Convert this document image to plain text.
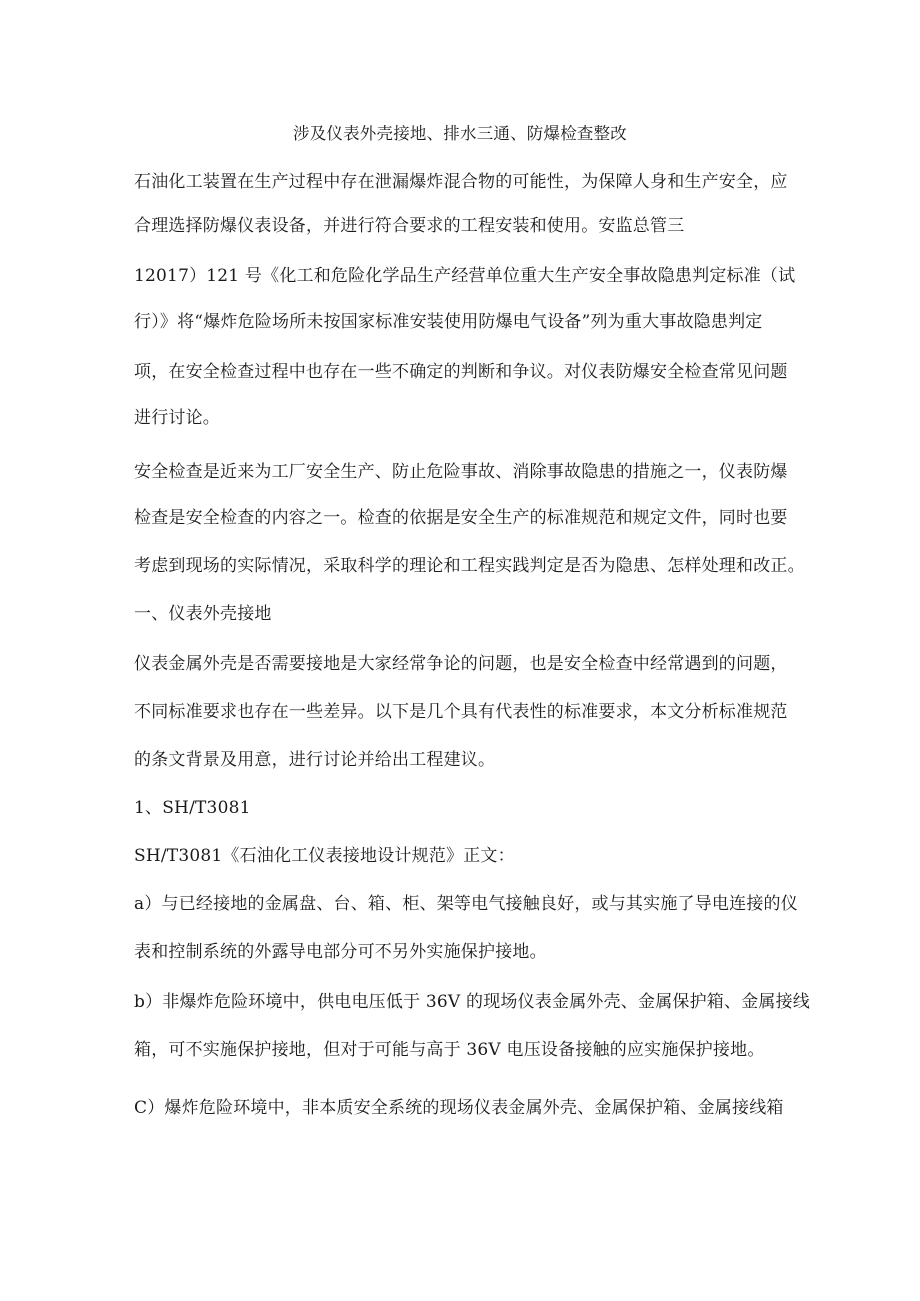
涉及仪表外壳接地、排水三通、防爆检查整改
石油化工装置在生产过程中存在泄漏爆炸混合物的可能性，为保障人身和生产安全，应
合理选择防爆仪表设备，并进行符合要求的工程安装和使用。安监总管三
12017）121 号《化工和危险化学品生产经营单位重大生产安全事故隐患判定标准（试
行）》将“爆炸危险场所未按国家标准安装使用防爆电气设备”列为重大事故隐患判定
项，在安全检查过程中也存在一些不确定的判断和争议。对仪表防爆安全检查常见问题
进行讨论。
安全检查是近来为工厂安全生产、防止危险事故、消除事故隐患的措施之一，仪表防爆
检查是安全检查的内容之一。检查的依据是安全生产的标准规范和规定文件，同时也要
考虑到现场的实际情况，采取科学的理论和工程实践判定是否为隐患、怎样处理和改正。
一、仪表外壳接地
仪表金属外壳是否需要接地是大家经常争论的问题，也是安全检查中经常遇到的问题，
不同标准要求也存在一些差异。以下是几个具有代表性的标准要求，本文分析标准规范
的条文背景及用意，进行讨论并给出工程建议。
1、SH/T3081
SH/T3081《石油化工仪表接地设计规范》正文：
a）与已经接地的金属盘、台、箱、柜、架等电气接触良好，或与其实施了导电连接的仪
表和控制系统的外露导电部分可不另外实施保护接地。
b）非爆炸危险环境中，供电电压低于 36V 的现场仪表金属外壳、金属保护箱、金属接线
箱，可不实施保护接地，但对于可能与高于 36V 电压设备接触的应实施保护接地。
C）爆炸危险环境中，非本质安全系统的现场仪表金属外壳、金属保护箱、金属接线箱
